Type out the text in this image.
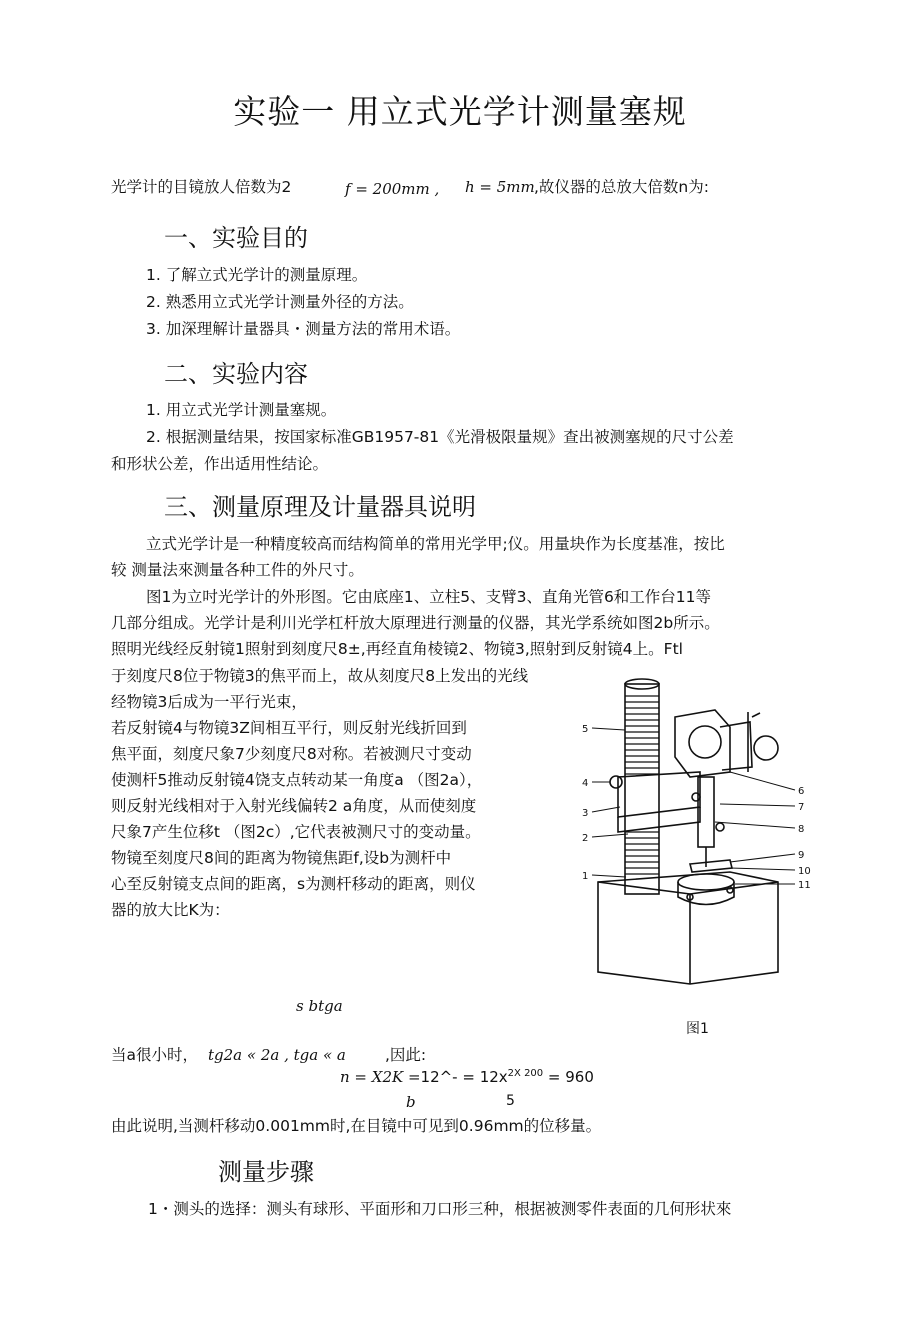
实验一 用立式光学计测量塞规
光学计的目镜放人倍数为2	f = 200mm , h = 5mm ,故仪器的总放大倍数n为:
一、实验目的
1. 了解立式光学计的测量原理。
2. 熟悉用立式光学计测量外径的方法。
3. 加深理解计量器具・测量方法的常用术语。
二、实验内容
1. 用立式光学计测量塞规。
2. 根据测量结果，按国家标准GB1957-81《光滑极限量规》查出被测塞规的尺寸公差
和形状公差，作出适用性结论。
三、测量原理及计量器具说明
立式光学计是一种精度较高而结构简单的常用光学甲;仪。用量块作为长度基准，按比
较 测量法來测量各种工件的外尺寸。
图1为立吋光学计的外形图。它由底座1、立柱5、支臂3、直角光管6和工作台11等
几部分组成。光学计是利川光学杠杆放大原理进行测量的仪器，其光学系统如图2b所示。
照明光线经反射镜1照射到刻度尺8±,再经直角棱镜2、物镜3,照射到反射镜4上。Ftl
于刻度尺8位于物镜3的焦平而上，故从刻度尺8上发出的光线
经物镜3后成为一平行光束，
若反射镜4与物镜3Z间相互平行，则反射光线折回到
焦平面，刻度尺象7少刻度尺8对称。若被测尺寸变动
使测杆5推动反射镜4饶支点转动某一角度a （图2a），
则反射光线相对于入射光线偏转2 a角度，从而使刻度
尺象7产生位移t （图2c）,它代表被测尺寸的变动量。
物镜至刻度尺8间的距离为物镜焦距f,设b为测杆中
心至反射镜支点间的距离，s为测杆移动的距离，则仪
器的放大比K为：
5
4
3
2
1
6
7
8
9
10
11
s btga
图1
当a很小时， tg2a « 2a , tga « a	,因此:
n = X2K =12^- = $12x^{2X 200} = 960$
b	5
由此说明,当测杆移动0.001mm时,在目镜中可见到0.96mm的位移量。
测量步骤
1・测头的选择：测头有球形、平面形和刀口形三种，根据被测零件表面的几何形状來
